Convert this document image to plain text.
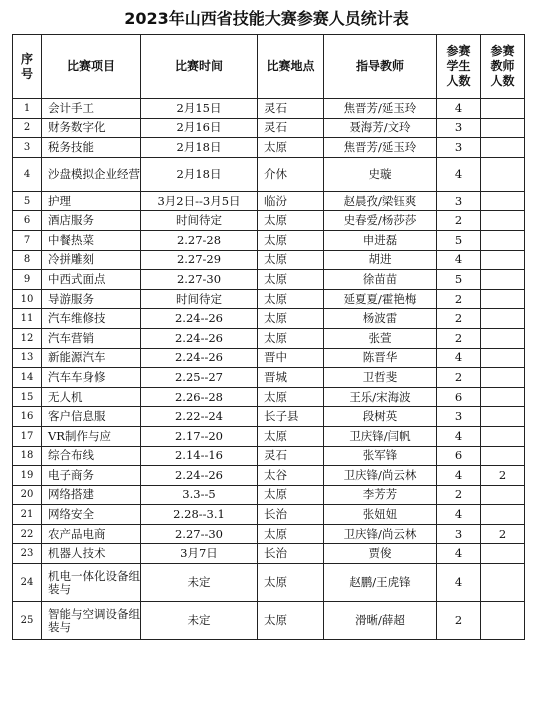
2023年山西省技能大赛参赛人员统计表
序号	比赛项目	比赛时间	比赛地点	指导教师	参赛学生人数	参赛教师人数
1	会计手工	2月15日	灵石	焦晋芳/延玉玲	4	
2	财务数字化	2月16日	灵石	聂海芳/文玲	3	
3	税务技能	2月18日	太原	焦晋芳/延玉玲	3	
4	沙盘模拟企业经营	2月18日	介休	史璇	4	
5	护理	3月2日--3月5日	临汾	赵晨孜/梁钰爽	3	
6	酒店服务	时间待定	太原	史春爱/杨莎莎	2	
7	中餐热菜	2.27-28	太原	申进磊	5	
8	冷拼雕刻	2.27-29	太原	胡进	4	
9	中西式面点	2.27-30	太原	徐苗苗	5	
10	导游服务	时间待定	太原	延夏夏/霍艳梅	2	
11	汽车维修技	2.24--26	太原	杨波雷	2	
12	汽车营销	2.24--26	太原	张萱	2	
13	新能源汽车	2.24--26	晋中	陈晋华	4	
14	汽车车身修	2.25--27	晋城	卫哲斐	2	
15	无人机	2.26--28	太原	王乐/宋海波	6	
16	客户信息服	2.22--24	长子县	段树英	3	
17	VR制作与应	2.17--20	太原	卫庆锋/闫帆	4	
18	综合布线	2.14--16	灵石	张军锋	6	
19	电子商务	2.24--26	太谷	卫庆锋/尚云林	4	2
20	网络搭建	3.3--5	太原	李芳芳	2	
21	网络安全	2.28--3.1	长治	张妞妞	4	
22	农产品电商	2.27--30	太原	卫庆锋/尚云林	3	2
23	机器人技术	3月7日	长治	贾俊	4	
24	机电一体化设备组装与	未定	太原	赵鹏/王虎锋	4	
25	智能与空调设备组装与	未定	太原	滑晰/薛超	2	
